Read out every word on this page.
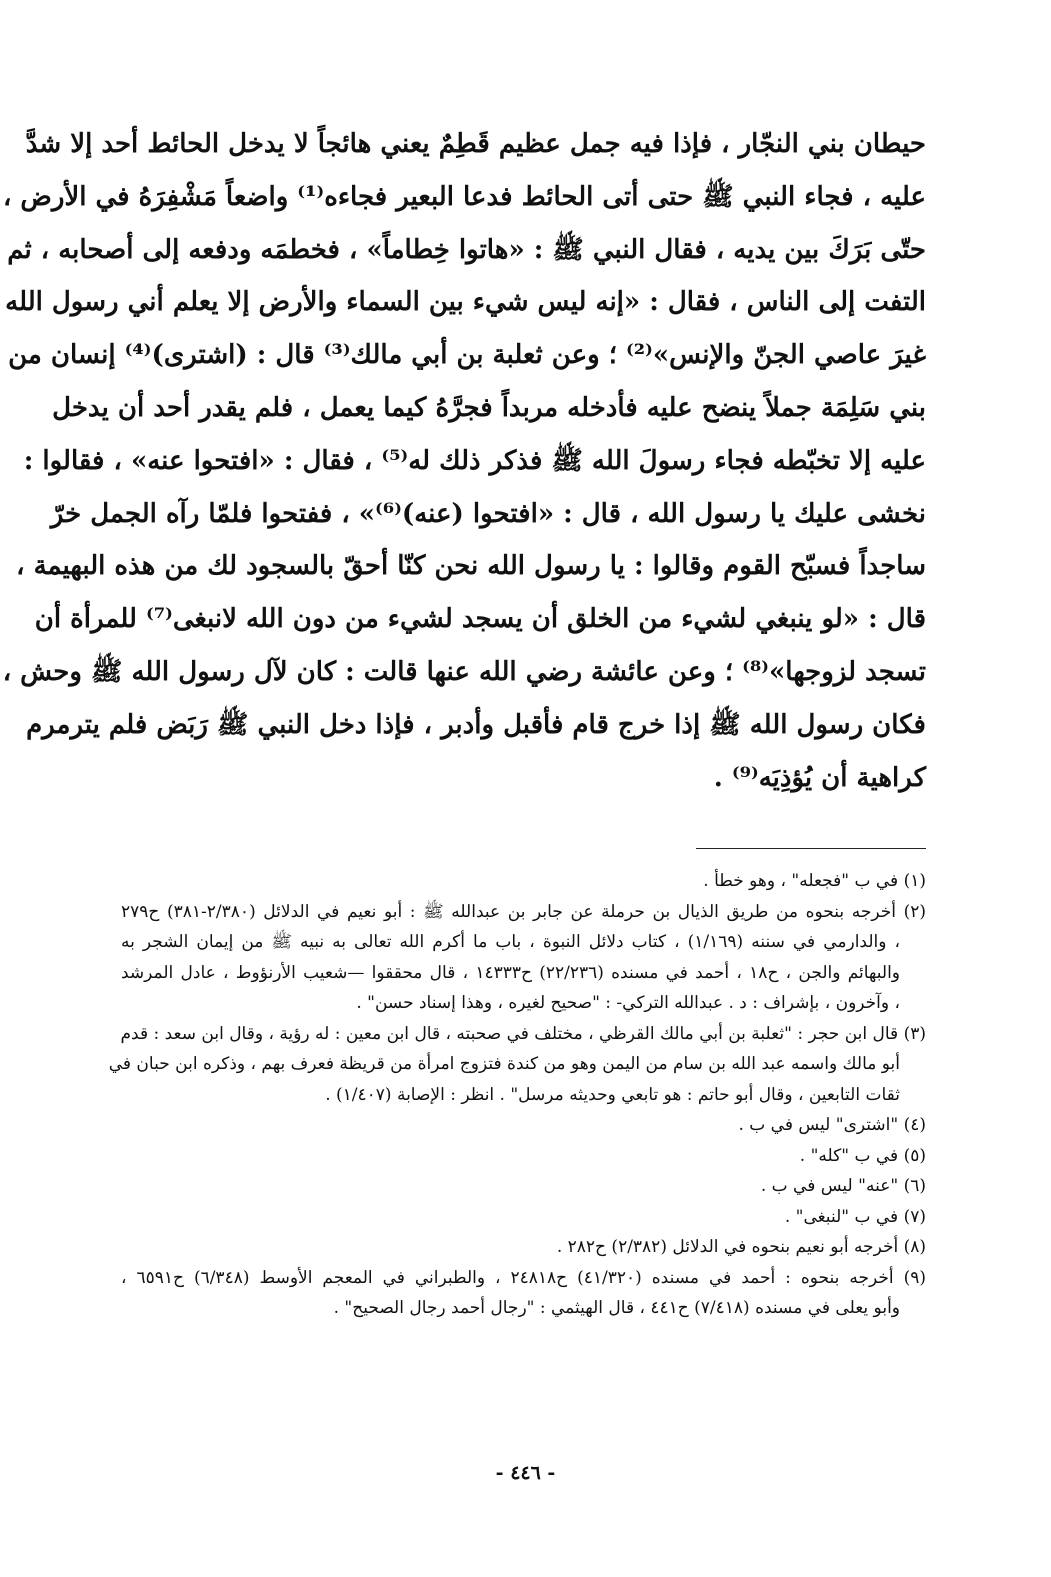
حيطان بني النجّار ، فإذا فيه جمل عظيم قَطِمٌ يعني هائجاً لا يدخل الحائط أحد إلا شدَّ
عليه ، فجاء النبي ﷺ حتى أتى الحائط فدعا البعير فجاءه⁽¹⁾ واضعاً مَشْفِرَهُ في الأرض ،
حتّى بَرَكَ بين يديه ، فقال النبي ﷺ : «هاتوا خِطاماً» ، فخطمَه ودفعه إلى أصحابه ، ثم
التفت إلى الناس ، فقال : «إنه ليس شيء بين السماء والأرض إلا يعلم أني رسول الله
غيرَ عاصي الجنّ والإنس»⁽²⁾ ؛ وعن ثعلبة بن أبي مالك⁽³⁾ قال : (اشترى)⁽⁴⁾ إنسان من
بني سَلِمَة جملاً ينضح عليه فأدخله مربداً فجرَّهُ كيما يعمل ، فلم يقدر أحد أن يدخل
عليه إلا تخبّطه فجاء رسولَ الله ﷺ فذكر ذلك له⁽⁵⁾ ، فقال : «افتحوا عنه» ، فقالوا :
نخشى عليك يا رسول الله ، قال : «افتحوا (عنه)⁽⁶⁾» ، ففتحوا فلمّا رآه الجمل خرّ
ساجداً فسبّح القوم وقالوا : يا رسول الله نحن كنّا أحقّ بالسجود لك من هذه البهيمة ،
قال : «لو ينبغي لشيء من الخلق أن يسجد لشيء من دون الله لانبغى⁽⁷⁾ للمرأة أن
تسجد لزوجها»⁽⁸⁾ ؛ وعن عائشة رضي الله عنها قالت : كان لآل رسول الله ﷺ وحش ،
فكان رسول الله ﷺ إذا خرج قام فأقبل وأدبر ، فإذا دخل النبي ﷺ رَبَض فلم يترمرم
كراهية أن يُؤذِيَه⁽⁹⁾ .
(١) في ب "فجعله" ، وهو خطأ .
(٢) أخرجه بنحوه من طريق الذيال بن حرملة عن جابر بن عبدالله ﷺ : أبو نعيم في الدلائل (٢/٣٨٠-٣٨١) ح٢٧٩
، والدارمي في سننه (١/١٦٩) ، كتاب دلائل النبوة ، باب ما أكرم الله تعالى به نبيه ﷺ من إيمان الشجر به
والبهائم والجن ، ح١٨ ، أحمد في مسنده (٢٢/٢٣٦) ح١٤٣٣٣ ، قال محققوا —شعيب الأرنؤوط ، عادل المرشد
، وآخرون ، بإشراف : د . عبدالله التركي- : "صحيح لغيره ، وهذا إسناد حسن" .
(٣) قال ابن حجر : "ثعلبة بن أبي مالك القرظي ، مختلف في صحبته ، قال ابن معين : له رؤية ، وقال ابن سعد : قدم
أبو مالك واسمه عبد الله بن سام من اليمن وهو من كندة فتزوج امرأة من قريظة فعرف بهم ، وذكره ابن حبان في
ثقات التابعين ، وقال أبو حاتم : هو تابعي وحديثه مرسل" . انظر : الإصابة (١/٤٠٧) .
(٤) "اشترى" ليس في ب .
(٥) في ب "كله" .
(٦) "عنه" ليس في ب .
(٧) في ب "لنبغى" .
(٨) أخرجه أبو نعيم بنحوه في الدلائل (٢/٣٨٢) ح٢٨٢ .
(٩) أخرجه بنحوه : أحمد في مسنده (٤١/٣٢٠) ح٢٤٨١٨ ، والطبراني في المعجم الأوسط (٦/٣٤٨) ح٦٥٩١ ،
وأبو يعلى في مسنده (٧/٤١٨) ح٤٤١ ، قال الهيثمي : "رجال أحمد رجال الصحيح" .
- ٤٤٦ -
